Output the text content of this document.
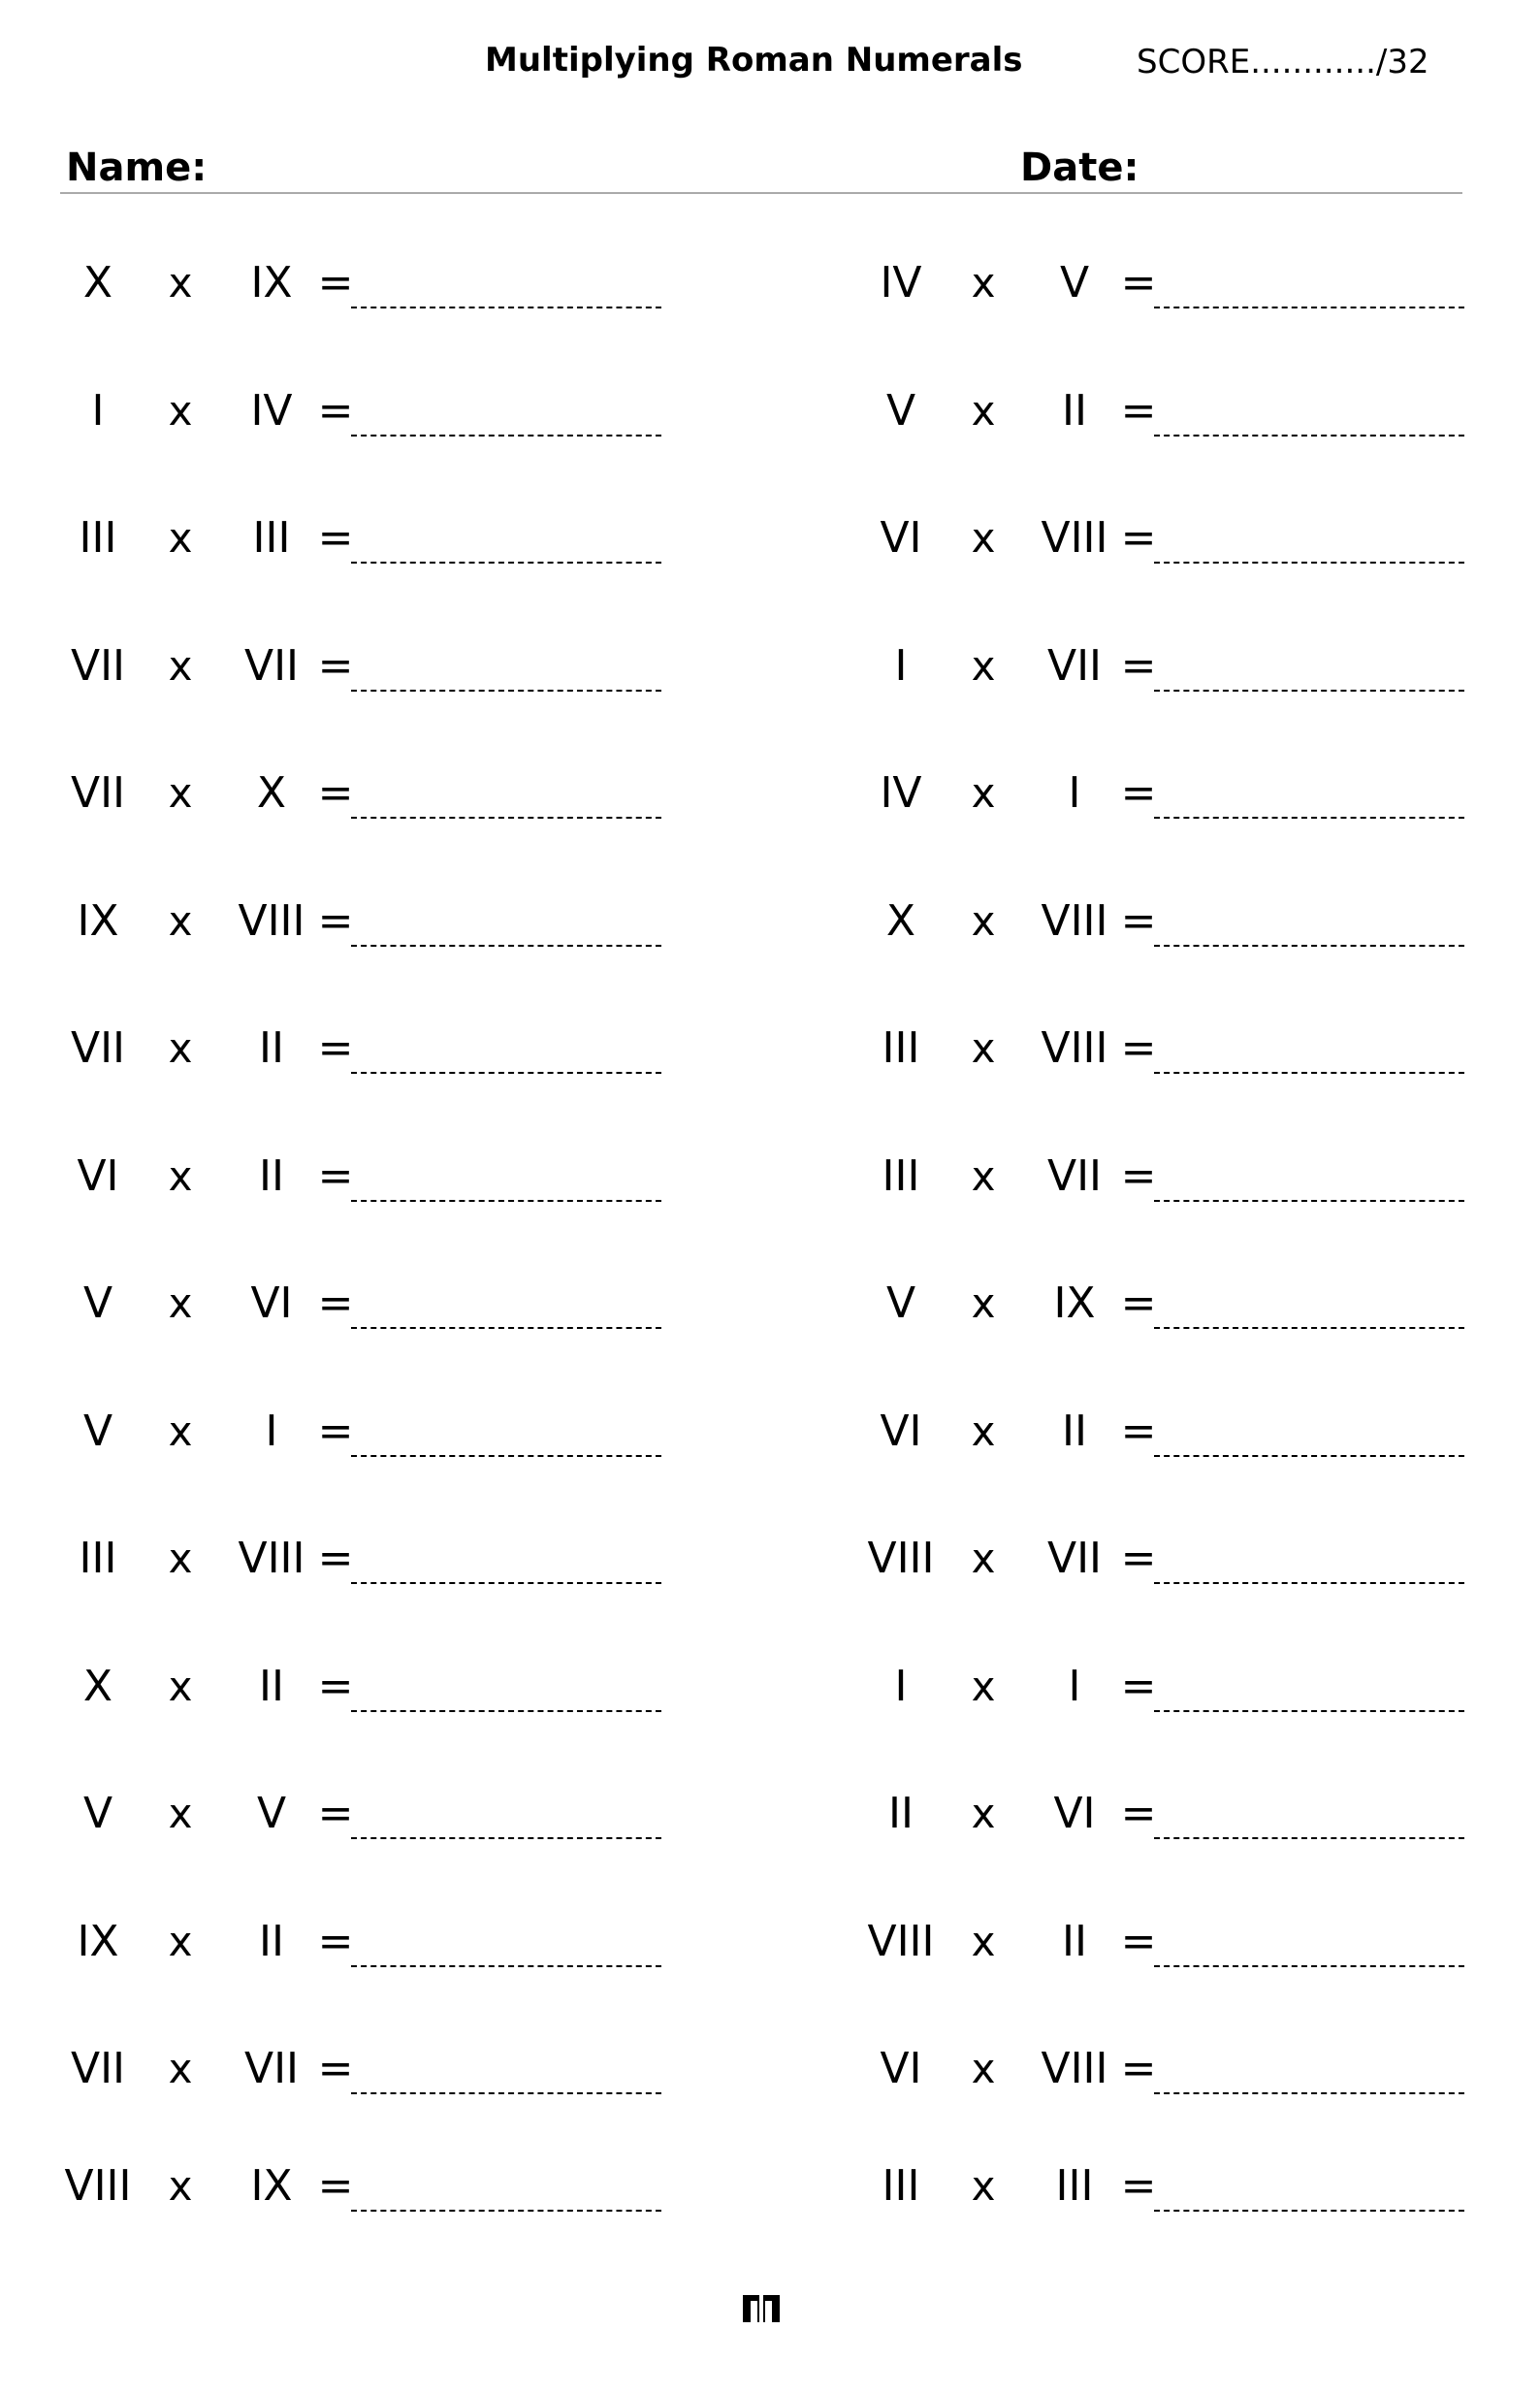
Multiplying Roman Numerals	SCORE............/32
Name:	Date:
X	x	IX =
I	x	IV =
III	x	III =
VII	x	VII =
VII	x	X =
IX	x	VIII =
VII	x	II =
VI	x	II =
V	x	VI =
V	x	I =
III	x	VIII =
X	x	II =
V	x	V =
IX	x	II =
VII	x	VII =
VIII x	IX =
IV	x	V =
V	x	II =
VI	x	VIII =
I	x	VII =
IV	x	I =
X	x	VIII =
III	x	VIII =
III	x	VII =
V	x	IX =
VI	x	II =
VIII x	VII =
I	x	I =
II	x	VI =
VIII x	II =
VI	x	VIII =
III	x	III =
